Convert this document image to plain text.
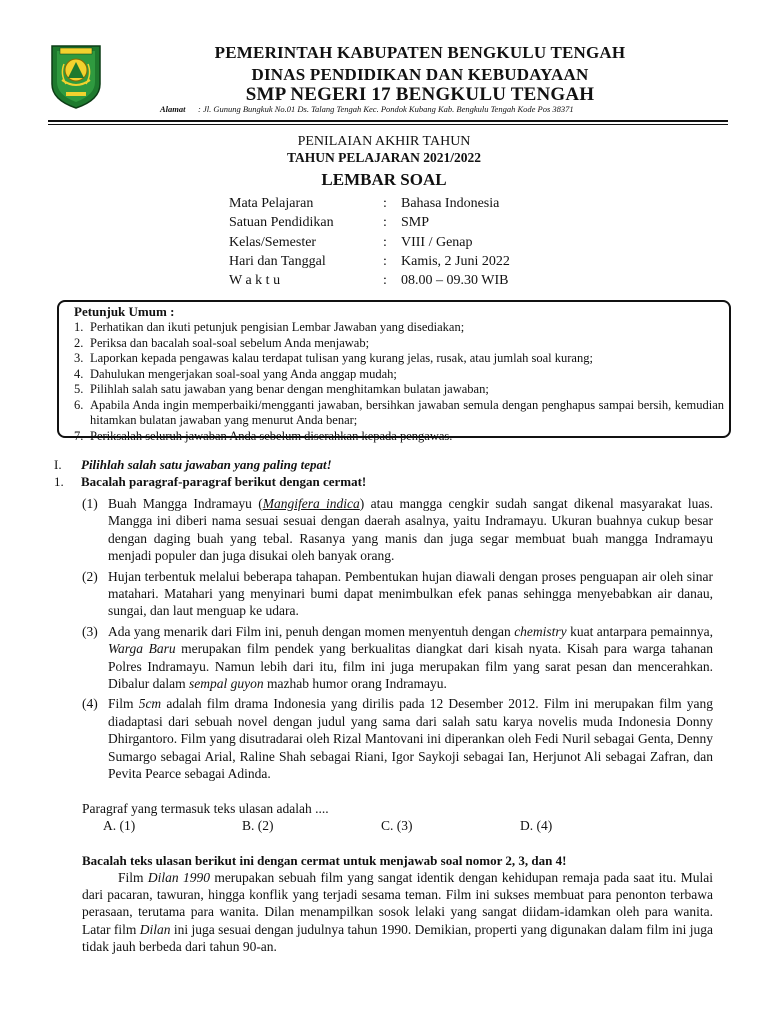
PEMERINTAH KABUPATEN BENGKULU TENGAH
DINAS PENDIDIKAN DAN KEBUDAYAAN
SMP NEGERI 17 BENGKULU TENGAH
Alamat : Jl. Gunung Bungkuk No.01 Ds. Talang Tengah Kec. Pondok Kubang Kab. Bengkulu Tengah Kode Pos 38371
PENILAIAN AKHIR TAHUN
TAHUN PELAJARAN 2021/2022
LEMBAR SOAL
Mata Pelajaran	: Bahasa Indonesia
Satuan Pendidikan	: SMP
Kelas/Semester	: VIII / Genap
Hari dan Tanggal	: Kamis, 2 Juni 2022
W a k t u	: 08.00 – 09.30 WIB
Petunjuk Umum :
1. Perhatikan dan ikuti petunjuk pengisian Lembar Jawaban yang disediakan;
2. Periksa dan bacalah soal-soal sebelum Anda menjawab;
3. Laporkan kepada pengawas kalau terdapat tulisan yang kurang jelas, rusak, atau jumlah soal kurang;
4. Dahulukan mengerjakan soal-soal yang Anda anggap mudah;
5. Pilihlah salah satu jawaban yang benar dengan menghitamkan bulatan jawaban;
6. Apabila Anda ingin memperbaiki/mengganti jawaban, bersihkan jawaban semula dengan penghapus sampai bersih, kemudian hitamkan bulatan jawaban yang menurut Anda benar;
7. Periksalah seluruh jawaban Anda sebelum diserahkan kepada pengawas.
I. Pilihlah salah satu jawaban yang paling tepat!
1. Bacalah paragraf-paragraf berikut dengan cermat!
(1) Buah Mangga Indramayu (Mangifera indica) atau mangga cengkir sudah sangat dikenal masyarakat luas. Mangga ini diberi nama sesuai sesuai dengan daerah asalnya, yaitu Indramayu. Ukuran buahnya cukup besar dengan daging buah yang tebal. Rasanya yang manis dan juga segar membuat buah mangga Indramayu menjadi populer dan juga disukai oleh banyak orang.
(2) Hujan terbentuk melalui beberapa tahapan. Pembentukan hujan diawali dengan proses penguapan air oleh sinar matahari. Matahari yang menyinari bumi dapat menimbulkan efek panas sehingga menyebabkan air danau, sungai, dan laut menguap ke udara.
(3) Ada yang menarik dari Film ini, penuh dengan momen menyentuh dengan chemistry kuat antarpara pemainnya, Warga Baru merupakan film pendek yang berkualitas diangkat dari kisah nyata. Kisah para warga tahanan Polres Indramayu. Namun lebih dari itu, film ini juga merupakan film yang sarat pesan dan mencerahkan. Dibalur dalam sempal guyon mazhab humor orang Indramayu.
(4) Film 5cm adalah film drama Indonesia yang dirilis pada 12 Desember 2012. Film ini merupakan film yang diadaptasi dari sebuah novel dengan judul yang sama dari salah satu karya novelis muda Indonesia Donny Dhirgantoro. Film yang disutradarai oleh Rizal Mantovani ini diperankan oleh Fedi Nuril sebagai Genta, Denny Sumargo sebagai Arial, Raline Shah sebagai Riani, Igor Saykoji sebagai Ian, Herjunot Ali sebagai Zafran, dan Pevita Pearce sebagai Adinda.
Paragraf yang termasuk teks ulasan adalah ....
A. (1)	B. (2)	C. (3)	D. (4)
Bacalah teks ulasan berikut ini dengan cermat untuk menjawab soal nomor 2, 3, dan 4!
Film Dilan 1990 merupakan sebuah film yang sangat identik dengan kehidupan remaja pada saat itu. Mulai dari pacaran, tawuran, hingga konflik yang terjadi sesama teman. Film ini sukses membuat para penonton terbawa perasaan, terutama para wanita. Dilan menampilkan sosok lelaki yang sangat diidam-idamkan oleh para wanita. Latar film Dilan ini juga sesuai dengan judulnya tahun 1990. Demikian, properti yang digunakan dalam film ini juga tidak jauh berbeda dari tahun 90-an.
